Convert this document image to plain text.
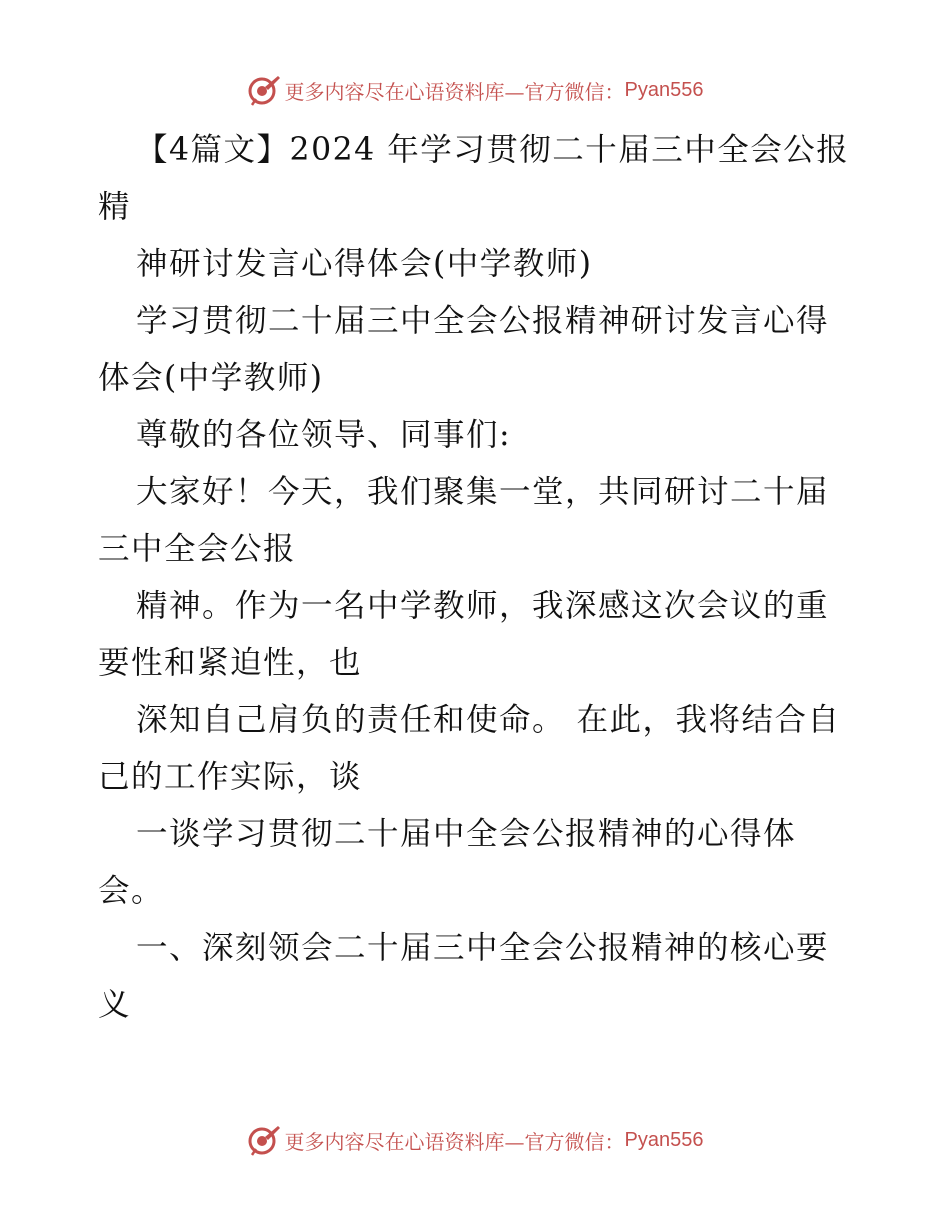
更多内容尽在心语资料库—官方微信： Pyan556

【4篇文】2024 年学习贯彻二十届三中全会公报精

神研讨发言心得体会(中学教师)

学习贯彻二十届三中全会公报精神研讨发言心得体会(中学教师)

尊敬的各位领导、同事们:

大家好！今天，我们聚集一堂，共同研讨二十届三中全会公报

精神。作为一名中学教师，我深感这次会议的重要性和紧迫性，也

深知自己肩负的责任和使命。 在此，我将结合自己的工作实际，谈

一谈学习贯彻二十届中全会公报精神的心得体会。

一、深刻领会二十届三中全会公报精神的核心要义

更多内容尽在心语资料库—官方微信： Pyan556
